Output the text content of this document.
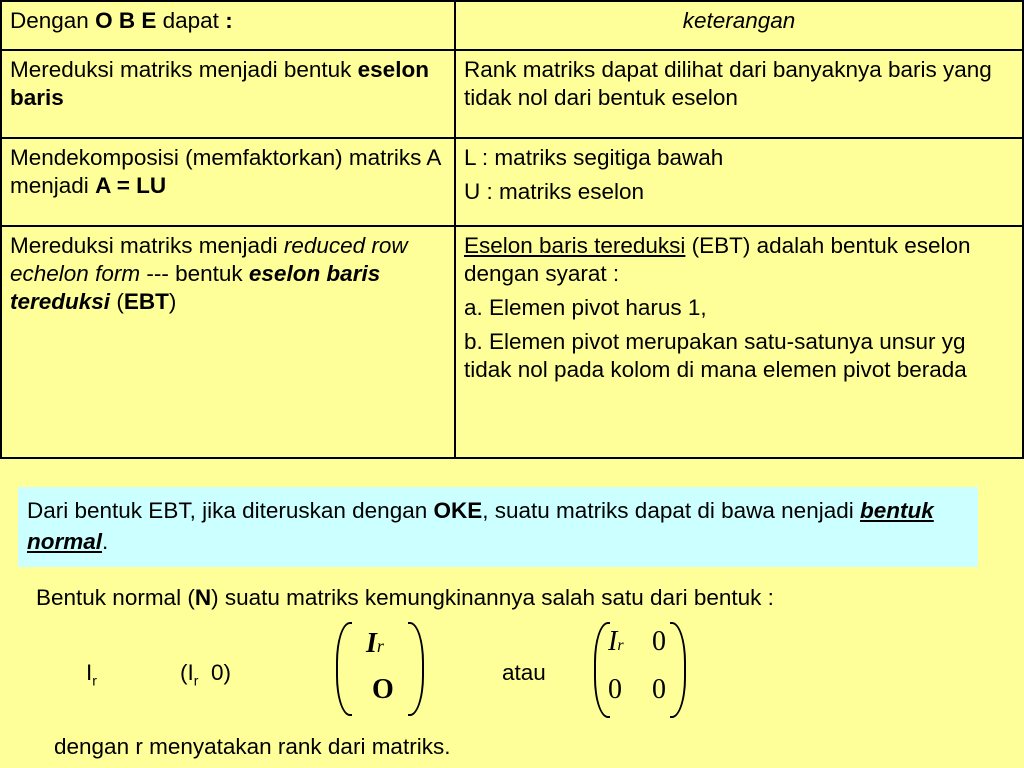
Dengan O B E dapat :	keterangan
Mereduksi matriks menjadi bentuk eselon baris	Rank matriks dapat dilihat dari banyaknya baris yang tidak nol dari bentuk eselon
Mendekomposisi (memfaktorkan) matriks A menjadi A = LU	L : matriks segitiga bawah

U : matriks eselon

Mereduksi matriks menjadi reduced row echelon form --- bentuk eselon baris tereduksi (EBT)	Eselon baris tereduksi (EBT) adalah bentuk eselon dengan syarat :

a. Elemen pivot harus 1,

b. Elemen pivot merupakan satu-satunya unsur yg tidak nol pada kolom di mana elemen pivot berada

Dari bentuk EBT, jika diteruskan dengan OKE, suatu matriks dapat di bawa nenjadi bentuk normal.
Bentuk normal (N) suatu matriks kemungkinannya salah satu dari bentuk :
$I_r$	($I_r$ 0)
Ir
O
atau
Ir 0
0 0
dengan r menyatakan rank dari matriks.
